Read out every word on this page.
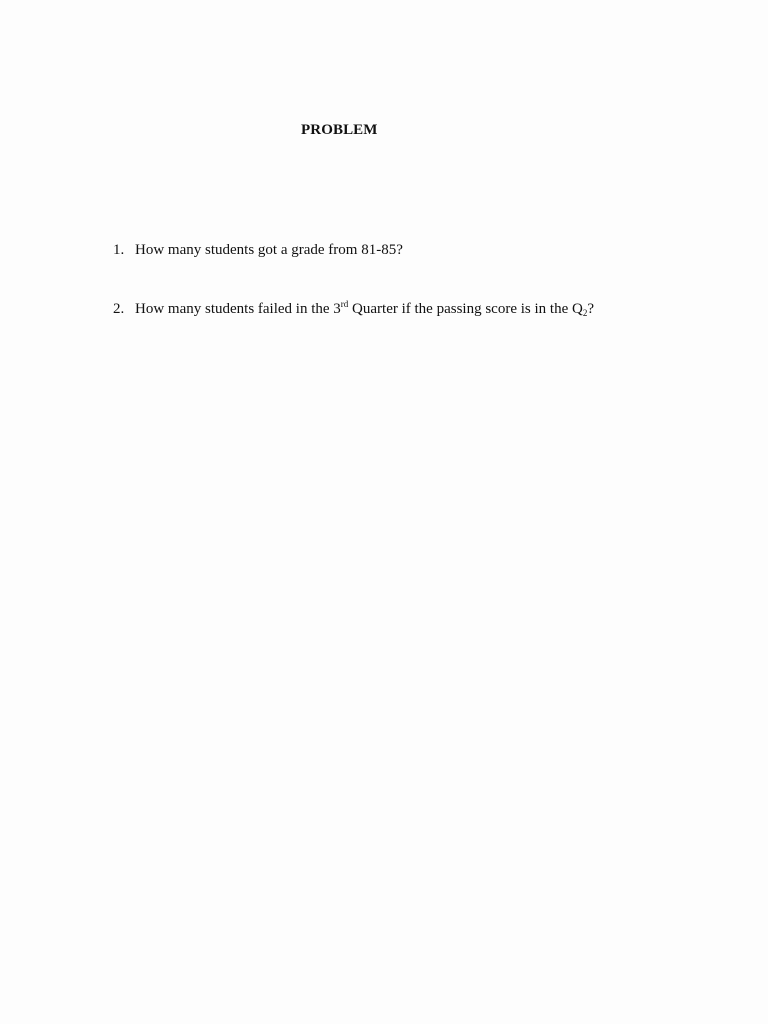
PROBLEM
1. How many students got a grade from 81-85?
2. How many students failed in the 3rd Quarter if the passing score is in the $Q_2$?
